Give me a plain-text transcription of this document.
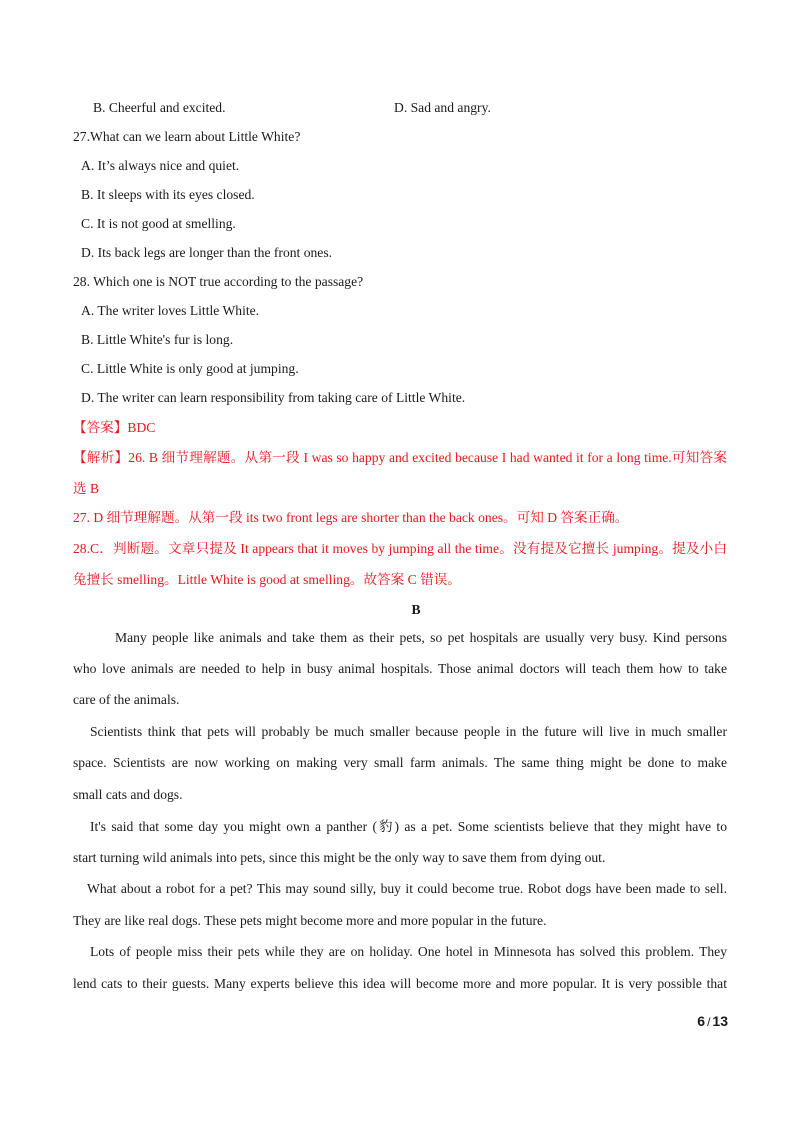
B. Cheerful and excited.	D. Sad and angry.
27.What can we learn about Little White?
A. It’s always nice and quiet.
B. It sleeps with its eyes closed.
C. It is not good at smelling.
D. Its back legs are longer than the front ones.
28. Which one is NOT true according to the passage?
A. The writer loves Little White.
B. Little White's fur is long.
C. Little White is only good at jumping.
D. The writer can learn responsibility from taking care of Little White.
【答案】BDC
【解析】26. B 细节理解题。从第一段 I was so happy and excited because I had wanted it for a long time.可知答案
选 B
27. D 细节理解题。从第一段 its two front legs are shorter than the back ones。可知 D 答案正确。
28.C．判断题。文章只提及 It appears that it moves by jumping all the time。没有提及它擅长 jumping。提及小白
兔擅长 smelling。Little White is good at smelling。故答案 C 错误。
B
Many people like animals and take them as their pets, so pet hospitals are usually very busy. Kind persons
who love animals are needed to help in busy animal hospitals. Those animal doctors will teach them how to take
care of the animals.
Scientists think that pets will probably be much smaller because people in the future will live in much smaller
space. Scientists are now working on making very small farm animals. The same thing might be done to make
small cats and dogs.
It's said that some day you might own a panther (豹) as a pet. Some scientists believe that they might have to
start turning wild animals into pets, since this might be the only way to save them from dying out.
What about a robot for a pet? This may sound silly, buy it could become true. Robot dogs have been made to sell.
They are like real dogs. These pets might become more and more popular in the future.
Lots of people miss their pets while they are on holiday. One hotel in Minnesota has solved this problem. They
lend cats to their guests. Many experts believe this idea will become more and more popular. It is very possible that
6 / 13
